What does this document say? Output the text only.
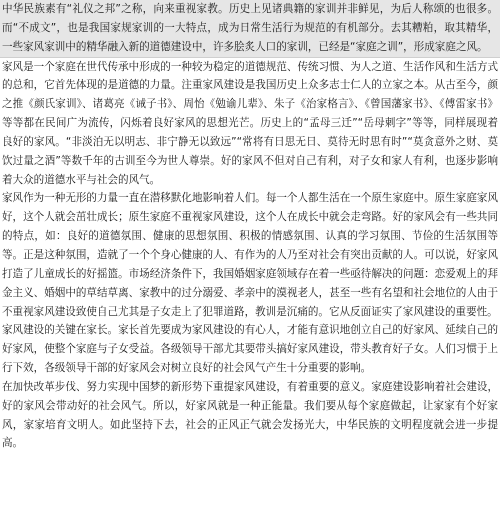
中华民族素有“礼仪之邦”之称，向来重视家教。历史上见诸典籍的家训并非鲜见，为后人称颂的也很多。而“不成文”，也是我国家规家训的一大特点，成为日常生活行为规范的有机部分。去其糟粕，取其精华，一些家风家训中的精华融入新的道德建设中，许多脍炙人口的家训，已经是“家庭之训”，形成家庭之风。

家风是一个家庭在世代传承中形成的一种较为稳定的道德规范、传统习惯、为人之道、生活作风和生活方式的总和，它首先体现的是道德的力量。注重家风建设是我国历史上众多志士仁人的立家之本。从古至今，颜之推《颜氏家训》、诸葛亮《诫子书》、周怡《勉谕儿辈》、朱子《治家格言》、《曾国藩家书》、《傅雷家书》等等都在民间广为流传，闪烁着良好家风的思想光芒。历史上的“孟母三迁”“岳母刺字”等等，同样展现着良好的家风。“非淡泊无以明志、非宁静无以致远”“常将有日思无日、莫待无时思有时”“莫贪意外之财、莫饮过量之酒”等数千年的古训至今为世人尊崇。好的家风不但对自己有利，对子女和家人有利，也逐步影响着大众的道德水平与社会的风气。

家风作为一种无形的力量一直在潜移默化地影响着人们。每一个人都生活在一个原生家庭中。原生家庭家风好，这个人就会茁壮成长；原生家庭不重视家风建设，这个人在成长中就会走弯路。好的家风会有一些共同的特点，如：良好的道德氛围、健康的思想氛围、积极的情感氛围、认真的学习氛围、节俭的生活氛围等等。正是这种氛围，造就了一个个身心健康的人、有作为的人乃至对社会有突出贡献的人。可以说，好家风打造了儿童成长的好摇篮。市场经济条件下，我国婚姻家庭领域存在着一些亟待解决的问题：恋爱观上的拜金主义、婚姻中的草结草离、家教中的过分溺爱、孝亲中的漠视老人，甚至一些有名望和社会地位的人由于不重视家风建设致使自己尤其是子女走上了犯罪道路，教训是沉痛的。它从反面证实了家风建设的重要性。

家风建设的关键在家长。家长首先要成为家风建设的有心人，才能有意识地创立自己的好家风、延续自己的好家风，使整个家庭与子女受益。各级领导干部尤其要带头搞好家风建设，带头教育好子女。人们习惯于上行下效，各级领导干部的好家风会对树立良好的社会风气产生十分重要的影响。

在加快改革步伐、努力实现中国梦的新形势下重提家风建设，有着重要的意义。家庭建设影响着社会建设，好的家风会带动好的社会风气。所以，好家风就是一种正能量。我们要从每个家庭做起，让家家有个好家风，家家培育文明人。如此坚持下去，社会的正风正气就会发扬光大，中华民族的文明程度就会进一步提高。
